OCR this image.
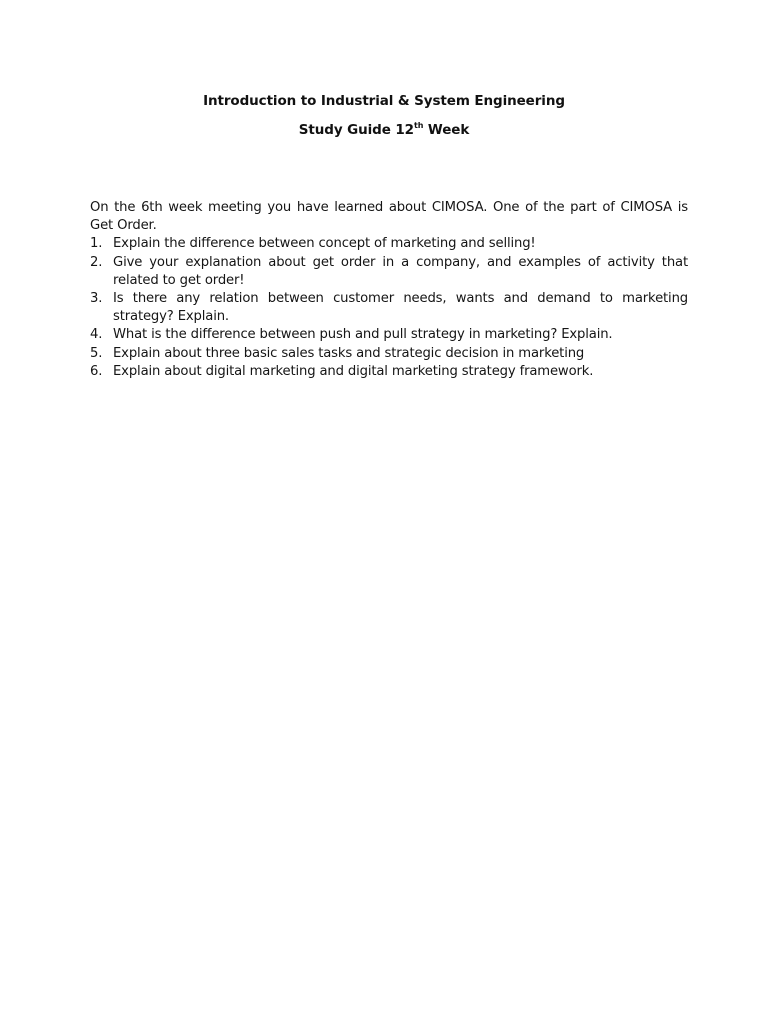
Introduction to Industrial & System Engineering
Study Guide 12th Week

On the 6th week meeting you have learned about CIMOSA. One of the part of CIMOSA is Get Order.

1. Explain the difference between concept of marketing and selling!
2. Give your explanation about get order in a company, and examples of activity that related to get order!
3. Is there any relation between customer needs, wants and demand to marketing strategy? Explain.
4. What is the difference between push and pull strategy in marketing? Explain.
5. Explain about three basic sales tasks and strategic decision in marketing
6. Explain about digital marketing and digital marketing strategy framework.
